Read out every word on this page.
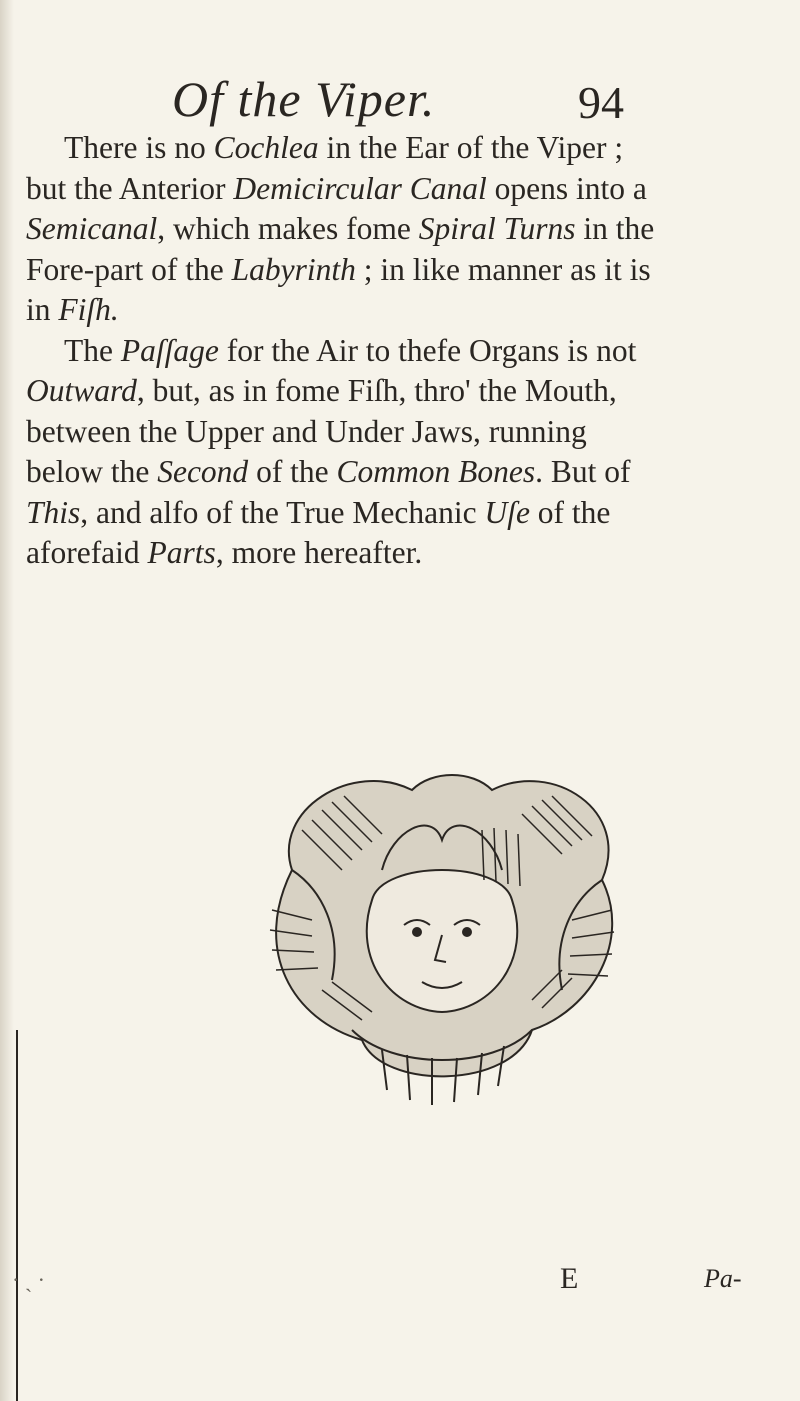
Of the Viper.	94

There is no Cochlea in the Ear of the Viper ; but the Anterior Demicircular Canal opens into a Semicanal, which makes fome Spiral Turns in the Fore-part of the Labyrinth ; in like manner as it is in Fiſh.

The Paſſage for the Air to thefe Organs is not Outward, but, as in fome Fiſh, thro' the Mouth, between the Upper and Under Jaws, running below the Second of the Common Bones. But of This, and alfo of the True Mechanic Uſe of the aforefaid Parts, more hereafter.

· ˎ ·	E	Pa-
